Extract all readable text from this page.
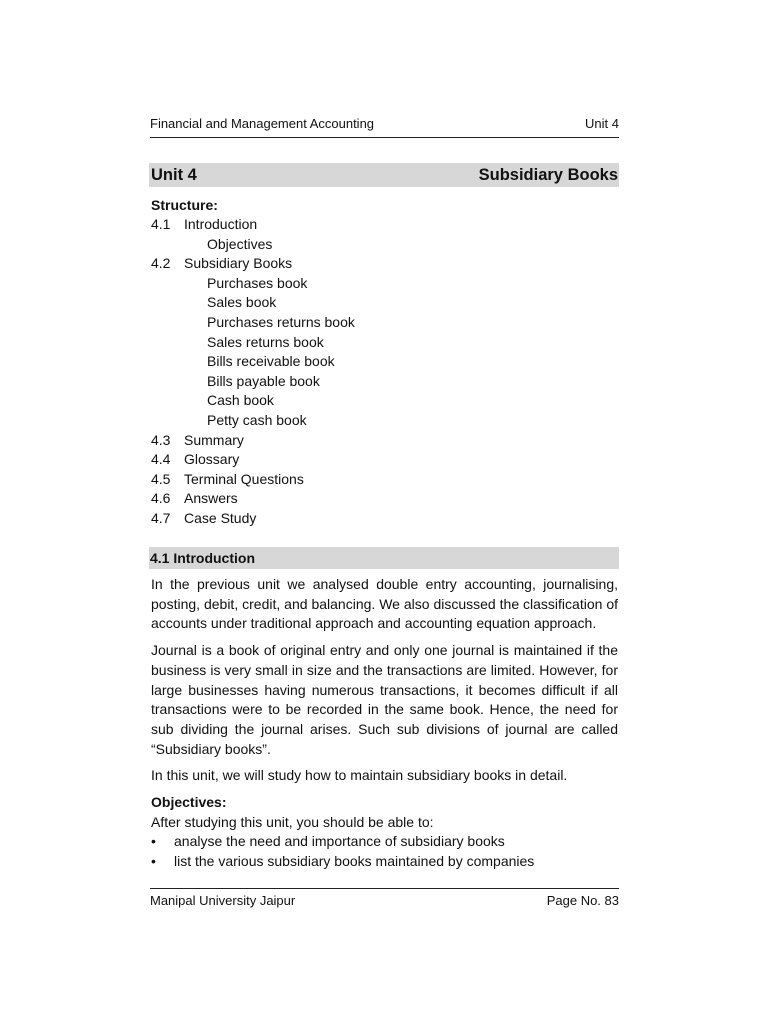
Financial and Management Accounting	Unit 4
Unit 4	Subsidiary Books
Structure:
4.1 Introduction
Objectives
4.2 Subsidiary Books
Purchases book
Sales book
Purchases returns book
Sales returns book
Bills receivable book
Bills payable book
Cash book
Petty cash book
4.3 Summary
4.4 Glossary
4.5 Terminal Questions
4.6 Answers
4.7 Case Study
4.1 Introduction

In the previous unit we analysed double entry accounting, journalising, posting, debit, credit, and balancing. We also discussed the classification of accounts under traditional approach and accounting equation approach.

Journal is a book of original entry and only one journal is maintained if the business is very small in size and the transactions are limited. However, for large businesses having numerous transactions, it becomes difficult if all transactions were to be recorded in the same book. Hence, the need for sub dividing the journal arises. Such sub divisions of journal are called “Subsidiary books”.

In this unit, we will study how to maintain subsidiary books in detail.

Objectives:
After studying this unit, you should be able to:
• analyse the need and importance of subsidiary books
• list the various subsidiary books maintained by companies
Manipal University Jaipur	Page No. 83
